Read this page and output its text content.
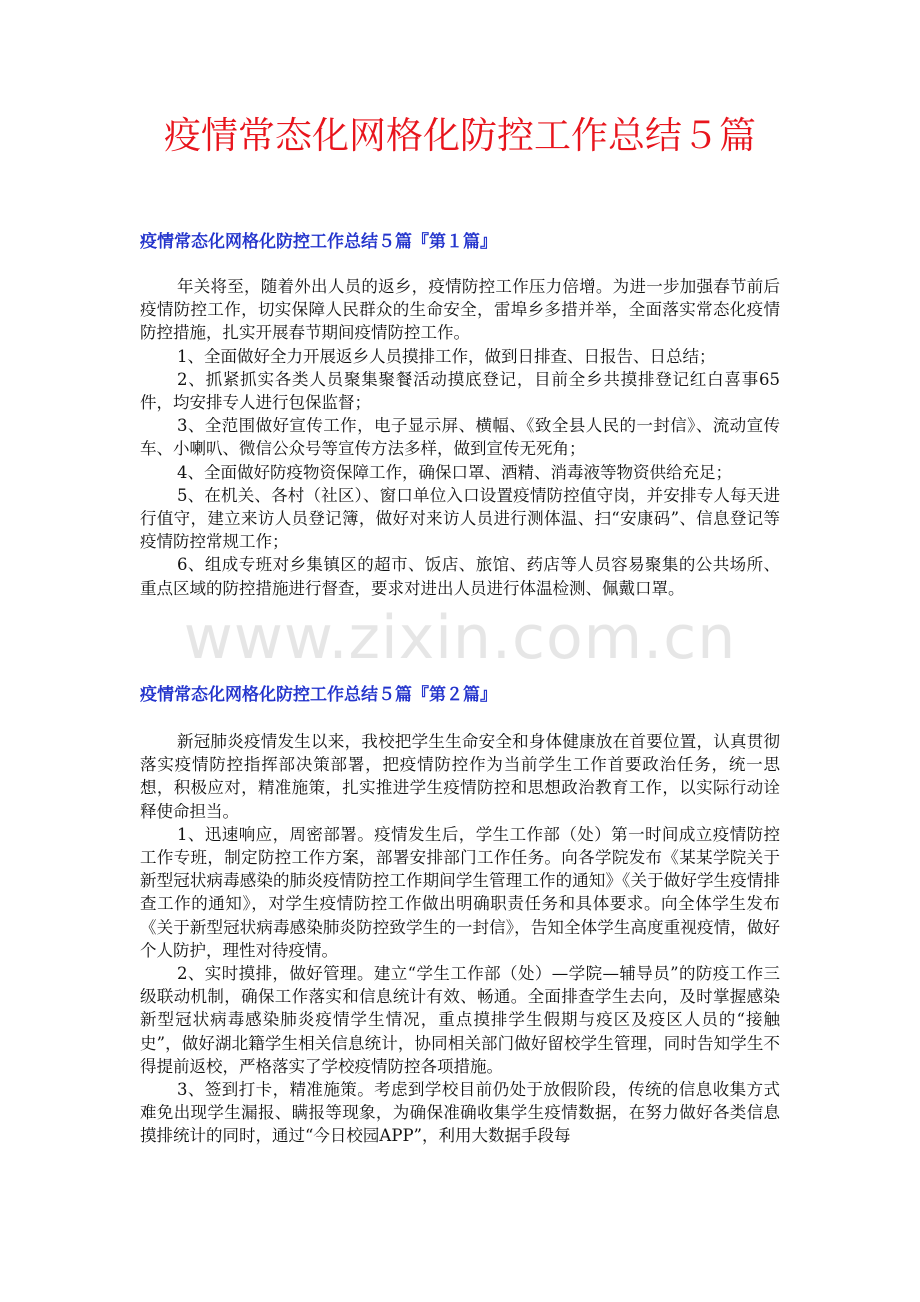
疫情常态化网格化防控工作总结５篇
疫情常态化网格化防控工作总结５篇『第１篇』

年关将至，随着外出人员的返乡，疫情防控工作压力倍增。为进一步加强春节前后疫情防控工作，切实保障人民群众的生命安全，雷埠乡多措并举，全面落实常态化疫情防控措施，扎实开展春节期间疫情防控工作。

1、全面做好全力开展返乡人员摸排工作，做到日排查、日报告、日总结；

2、抓紧抓实各类人员聚集聚餐活动摸底登记，目前全乡共摸排登记红白喜事65件，均安排专人进行包保监督；

3、全范围做好宣传工作，电子显示屏、横幅、《致全县人民的一封信》、流动宣传车、小喇叭、微信公众号等宣传方法多样，做到宣传无死角；

4、全面做好防疫物资保障工作，确保口罩、酒精、消毒液等物资供给充足；

5、在机关、各村（社区）、窗口单位入口设置疫情防控值守岗，并安排专人每天进行值守，建立来访人员登记簿，做好对来访人员进行测体温、扫“安康码”、信息登记等疫情防控常规工作；

6、组成专班对乡集镇区的超市、饭店、旅馆、药店等人员容易聚集的公共场所、重点区域的防控措施进行督查，要求对进出人员进行体温检测、佩戴口罩。

www.zixin.com.cn
疫情常态化网格化防控工作总结５篇『第２篇』

新冠肺炎疫情发生以来，我校把学生生命安全和身体健康放在首要位置，认真贯彻落实疫情防控指挥部决策部署，把疫情防控作为当前学生工作首要政治任务，统一思想，积极应对，精准施策，扎实推进学生疫情防控和思想政治教育工作，以实际行动诠释使命担当。

1、迅速响应，周密部署。疫情发生后，学生工作部（处）第一时间成立疫情防控工作专班，制定防控工作方案，部署安排部门工作任务。向各学院发布《某某学院关于新型冠状病毒感染的肺炎疫情防控工作期间学生管理工作的通知》《关于做好学生疫情排查工作的通知》，对学生疫情防控工作做出明确职责任务和具体要求。向全体学生发布《关于新型冠状病毒感染肺炎防控致学生的一封信》，告知全体学生高度重视疫情，做好个人防护，理性对待疫情。

2、实时摸排，做好管理。建立“学生工作部（处）—学院—辅导员”的防疫工作三级联动机制，确保工作落实和信息统计有效、畅通。全面排查学生去向，及时掌握感染新型冠状病毒感染肺炎疫情学生情况，重点摸排学生假期与疫区及疫区人员的“接触史”，做好湖北籍学生相关信息统计，协同相关部门做好留校学生管理，同时告知学生不得提前返校，严格落实了学校疫情防控各项措施。

3、签到打卡，精准施策。考虑到学校目前仍处于放假阶段，传统的信息收集方式难免出现学生漏报、瞒报等现象，为确保准确收集学生疫情数据，在努力做好各类信息摸排统计的同时，通过“今日校园APP”，利用大数据手段每
